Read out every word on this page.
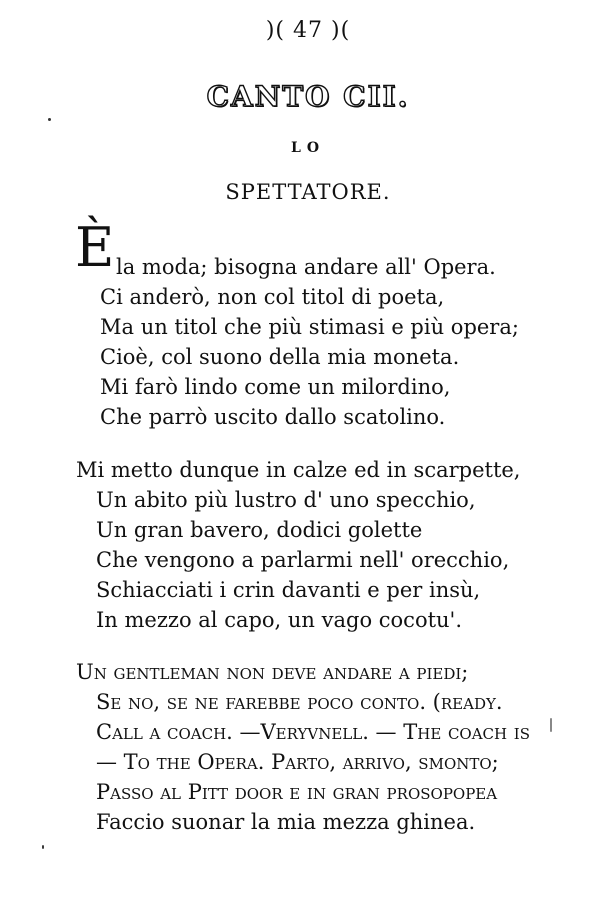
)( 47 )(
CANTO CII.
LO
SPETTATORE.
È la moda; bisogna andare all' Opera.
Ci anderò, non col titol di poeta,
Ma un titol che più stimasi e più opera;
Cioè, col suono della mia moneta.
Mi farò lindo come un milordino,
Che parrò uscito dallo scatolino.
Mi metto dunque in calze ed in scarpette,
Un abito più lustro d' uno specchio,
Un gran bavero, dodici golette
Che vengono a parlarmi nell' orecchio,
Schiacciati i crin davanti e per insù,
In mezzo al capo, un vago cocotu'.
Un gentleman non deve andare a piedi;
Se no, se ne farebbe poco conto. (ready.
Call a coach. —Veryvnell. — The coach is
— To the Opera. Parto, arrivo, smonto;
Passo al Pitt door e in gran prosopopea
Faccio suonar la mia mezza ghinea.
